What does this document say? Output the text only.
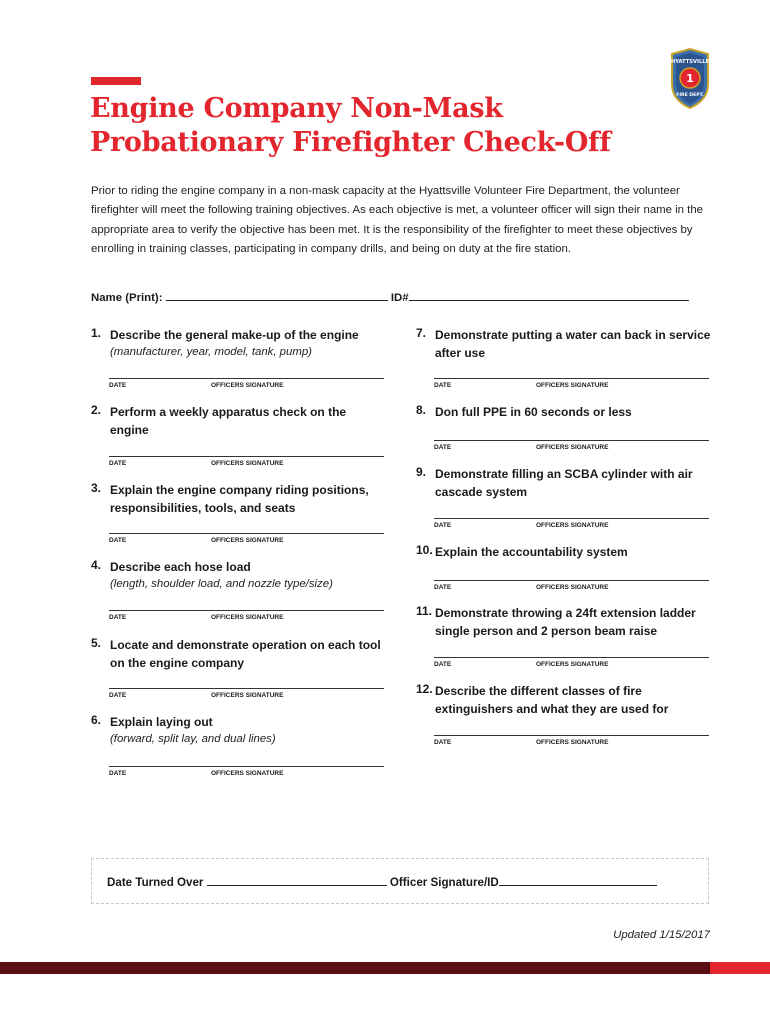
Engine Company Non-Mask
Probationary Firefighter Check-Off
1
HYATTSVILLE
FIRE DEPT.

Prior to riding the engine company in a non-mask capacity at the Hyattsville Volunteer Fire Department, the volunteer firefighter will meet the following training objectives. As each objective is met, a volunteer officer will sign their name in the appropriate area to verify the objective has been met. It is the responsibility of the firefighter to meet these objectives by enrolling in training classes, participating in company drills, and being on duty at the fire station.

Name (Print):	ID#
1. Describe the general make-up of the engine
(manufacturer, year, model, tank, pump)
DATE	OFFICERS SIGNATURE
2. Perform a weekly apparatus check on the engine
DATE	OFFICERS SIGNATURE
3. Explain the engine company riding positions, responsibilities, tools, and seats
DATE	OFFICERS SIGNATURE
4. Describe each hose load
(length, shoulder load, and nozzle type/size)
DATE	OFFICERS SIGNATURE
5. Locate and demonstrate operation on each tool on the engine company
DATE	OFFICERS SIGNATURE
6. Explain laying out
(forward, split lay, and dual lines)
DATE	OFFICERS SIGNATURE
7. Demonstrate putting a water can back in service after use
DATE	OFFICERS SIGNATURE
8. Don full PPE in 60 seconds or less
DATE	OFFICERS SIGNATURE
9. Demonstrate filling an SCBA cylinder with air cascade system
DATE	OFFICERS SIGNATURE
10. Explain the accountability system
DATE	OFFICERS SIGNATURE
11. Demonstrate throwing a 24ft extension ladder single person and 2 person beam raise
DATE	OFFICERS SIGNATURE
12. Describe the different classes of fire extinguishers and what they are used for
DATE	OFFICERS SIGNATURE
Date Turned Over	Officer Signature/ID
Updated 1/15/2017
